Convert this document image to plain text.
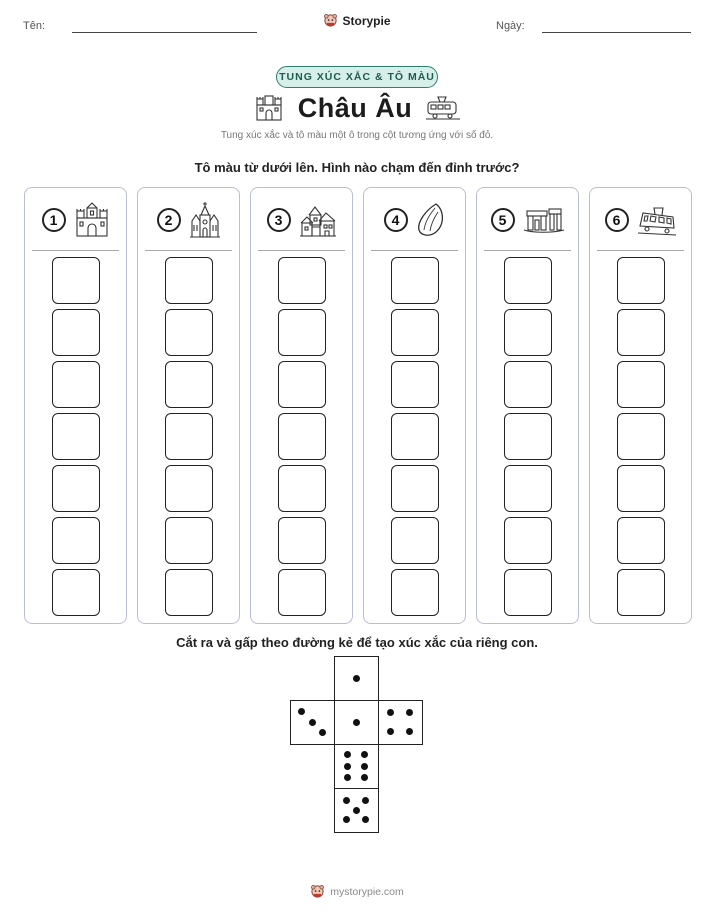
Tên:	Storypie	Ngày:
TUNG XÚC XẮC & TÔ MÀU
Châu Âu
Tung xúc xắc và tô màu một ô trong cột tương ứng với số đỏ.
Tô màu từ dưới lên. Hình nào chạm đến đỉnh trước?
1	2	3	4	5	6
Cắt ra và gấp theo đường kẻ để tạo xúc xắc của riêng con.
mystorypie.com
